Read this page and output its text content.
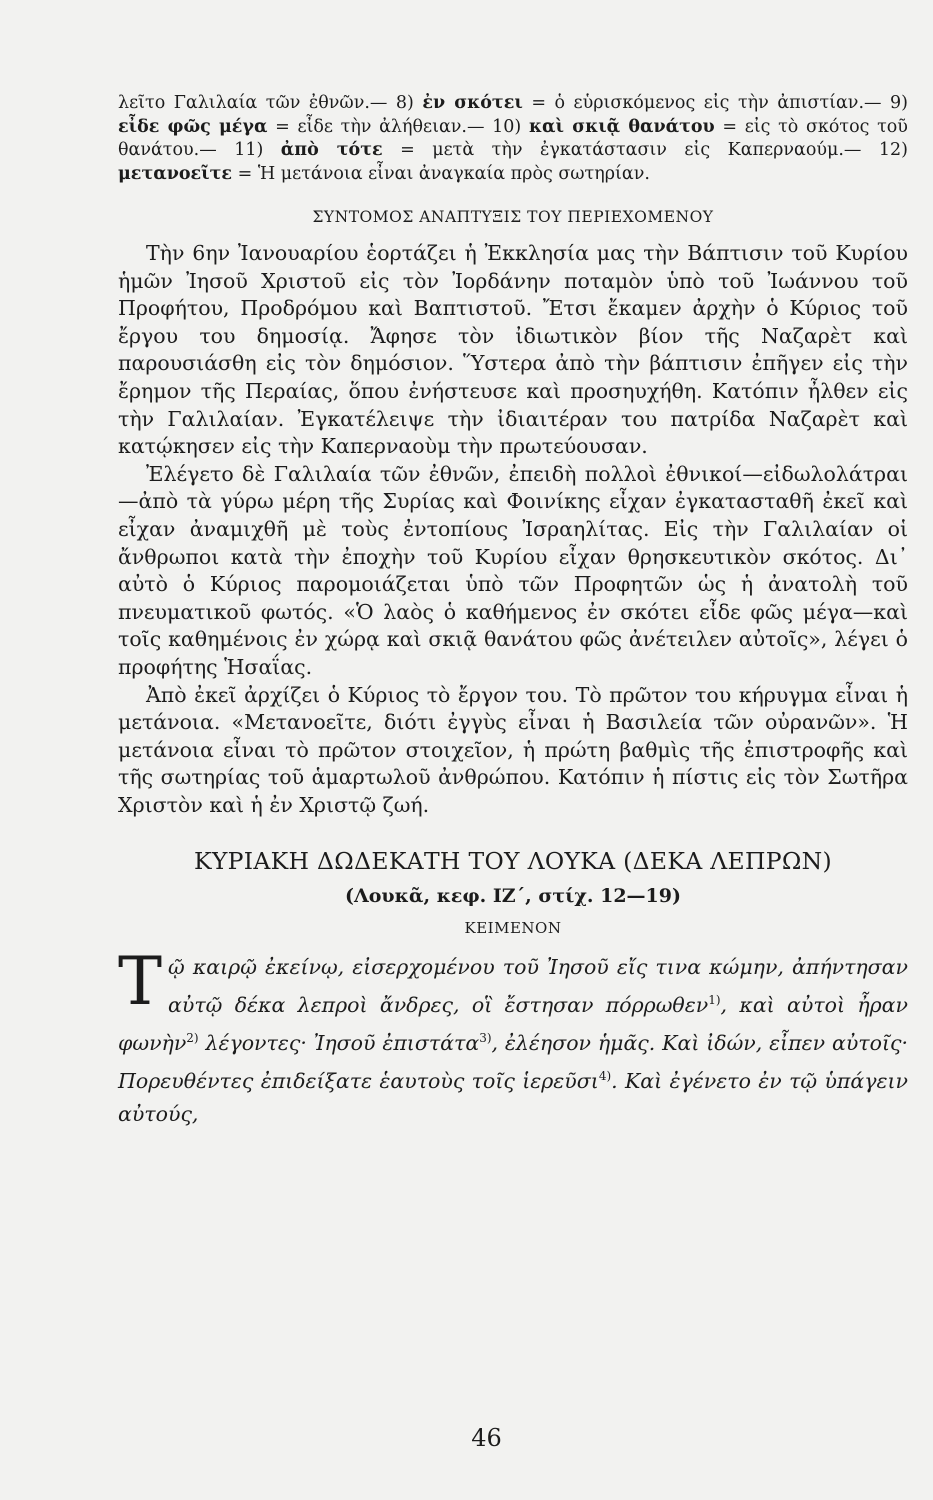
λεῖτο Γαλιλαία τῶν ἐθνῶν.— 8) ἐν σκότει = ὁ εὑρισκόμενος εἰς τὴν ἀπιστίαν.— 9) εἶδε φῶς μέγα = εἶδε τὴν ἀλήθειαν.— 10) καὶ σκιᾷ θανάτου = εἰς τὸ σκότος τοῦ θανάτου.— 11) ἀπὸ τότε = μετὰ τὴν ἐγκατάστασιν εἰς Καπερναούμ.— 12) μετανοεῖτε = Ἡ μετάνοια εἶναι ἀναγκαία πρὸς σωτηρίαν.

ΣΥΝΤΟΜΟΣ ΑΝΑΠΤΥΞΙΣ ΤΟΥ ΠΕΡΙΕΧΟΜΕΝΟΥ

Τὴν 6ην Ἰανουαρίου ἑορτάζει ἡ Ἐκκλησία μας τὴν Βάπτισιν τοῦ Κυρίου ἡμῶν Ἰησοῦ Χριστοῦ εἰς τὸν Ἰορδάνην ποταμὸν ὑπὸ τοῦ Ἰωάννου τοῦ Προφήτου, Προδρόμου καὶ Βαπτιστοῦ. Ἔτσι ἔκαμεν ἀρχὴν ὁ Κύριος τοῦ ἔργου του δημοσίᾳ. Ἄφησε τὸν ἰδιωτικὸν βίον τῆς Ναζαρὲτ καὶ παρουσιάσθη εἰς τὸν δημόσιον. Ὕστερα ἀπὸ τὴν βάπτισιν ἐπῆγεν εἰς τὴν ἔρημον τῆς Περαίας, ὅπου ἐνήστευσε καὶ προσηυχήθη. Κατόπιν ἦλθεν εἰς τὴν Γαλιλαίαν. Ἐγκατέλειψε τὴν ἰδιαιτέραν του πατρίδα Ναζαρὲτ καὶ κατῴκησεν εἰς τὴν Καπερναοὺμ τὴν πρωτεύουσαν.

Ἐλέγετο δὲ Γαλιλαία τῶν ἐθνῶν, ἐπειδὴ πολλοὶ ἐθνικοί—εἰδωλολάτραι—ἀπὸ τὰ γύρω μέρη τῆς Συρίας καὶ Φοινίκης εἶχαν ἐγκατασταθῆ ἐκεῖ καὶ εἶχαν ἀναμιχθῆ μὲ τοὺς ἐντοπίους Ἰσραηλίτας. Εἰς τὴν Γαλιλαίαν οἱ ἄνθρωποι κατὰ τὴν ἐποχὴν τοῦ Κυρίου εἶχαν θρησκευτικὸν σκότος. Δι᾽ αὐτὸ ὁ Κύριος παρομοιάζεται ὑπὸ τῶν Προφητῶν ὡς ἡ ἀνατολὴ τοῦ πνευματικοῦ φωτός. «Ὁ λαὸς ὁ καθήμενος ἐν σκότει εἶδε φῶς μέγα—καὶ τοῖς καθημένοις ἐν χώρᾳ καὶ σκιᾷ θανάτου φῶς ἀνέτειλεν αὐτοῖς», λέγει ὁ προφήτης Ἡσαΐας.

Ἀπὸ ἐκεῖ ἀρχίζει ὁ Κύριος τὸ ἔργον του. Τὸ πρῶτον του κήρυγμα εἶναι ἡ μετάνοια. «Μετανοεῖτε, διότι ἐγγὺς εἶναι ἡ Βασιλεία τῶν οὐρανῶν». Ἡ μετάνοια εἶναι τὸ πρῶτον στοιχεῖον, ἡ πρώτη βαθμὶς τῆς ἐπιστροφῆς καὶ τῆς σωτηρίας τοῦ ἁμαρτωλοῦ ἀνθρώπου. Κατόπιν ἡ πίστις εἰς τὸν Σωτῆρα Χριστὸν καὶ ἡ ἐν Χριστῷ ζωή.

ΚΥΡΙΑΚΗ ΔΩΔΕΚΑΤΗ ΤΟΥ ΛΟΥΚΑ (ΔΕΚΑ ΛΕΠΡΩΝ)
(Λουκᾶ, κεφ. ΙΖ΄, στίχ. 12—19)
ΚΕΙΜΕΝΟΝ

Τῷ καιρῷ ἐκείνῳ, εἰσερχομένου τοῦ Ἰησοῦ εἴς τινα κώμην, ἀπήντησαν αὐτῷ δέκα λεπροὶ ἄνδρες, οἳ ἔστησαν πόρρωθεν$^{1)}$, καὶ αὐτοὶ ἦραν φωνὴν$^{2)}$ λέγοντες· Ἰησοῦ ἐπιστάτα$^{3)}$, ἐλέησον ἡμᾶς. Καὶ ἰδών, εἶπεν αὐτοῖς· Πορευθέντες ἐπιδείξατε ἑαυτοὺς τοῖς ἱερεῦσι$^{4)}$. Καὶ ἐγένετο ἐν τῷ ὑπάγειν αὐτούς,

46
